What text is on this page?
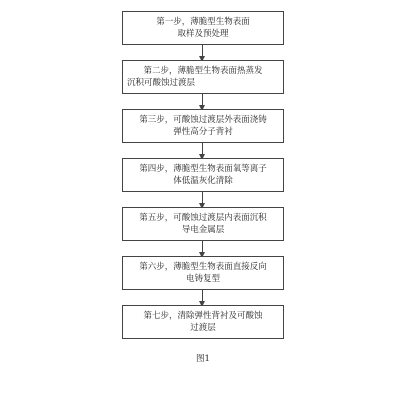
第一步，薄脆型生物表面
取样及预处理
第二步，薄脆型生物表面热蒸发
沉积可酸蚀过渡层
第三步，可酸蚀过渡层外表面浇铸
弹性高分子背衬
第四步，薄脆型生物表面氧等离子
体低温灰化清除
第五步，可酸蚀过渡层内表面沉积
导电金属层
第六步，薄脆型生物表面直接反向
电铸复型
第七步，清除弹性背衬及可酸蚀
过渡层
图1
